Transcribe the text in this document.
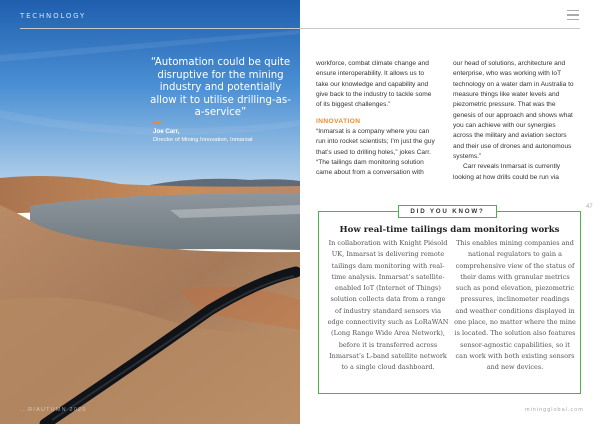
TECHNOLOGY
“Automation could be quite disruptive for the mining industry and potentially allow it to utilise drilling-as-a-service”
Joe Carr,
Director of Mining Innovation, Inmarsat
...R/AUTUMN 2020

workforce, combat climate change and ensure interoperability. It allows us to take our knowledge and capability and give back to the industry to tackle some of its biggest challenges.”

INNOVATION

“Inmarsat is a company where you can run into rocket scientists; I’m just the guy that’s used to drilling holes,” jokes Carr. “The tailings dam monitoring solution came about from a conversation with

our head of solutions, architecture and enterprise, who was working with IoT technology on a water dam in Australia to measure things like water levels and piezometric pressure. That was the genesis of our approach and shows what you can achieve with our synergies across the military and aviation sectors and their use of drones and autonomous systems.”

Carr reveals Inmarsat is currently looking at how drills could be run via

47
DID YOU KNOW?
How real-time tailings dam monitoring works
In collaboration with Knight Piésold UK, Inmarsat is delivering remote tailings dam monitoring with real-time analysis. Inmarsat’s satellite-enabled IoT (Internet of Things) solution collects data from a range of industry standard sensors via edge connectivity such as LoRaWAN (Long Range Wide Area Network), before it is transferred across Inmarsat’s L-band satellite network to a single cloud dashboard.
This enables mining companies and national regulators to gain a comprehensive view of the status of their dams with granular metrics such as pond elevation, piezometric pressures, inclinometer readings and weather conditions displayed in one place, no matter where the mine is located. The solution also features sensor-agnostic capabilities, so it can work with both existing sensors and new devices.
miningglobal.com
